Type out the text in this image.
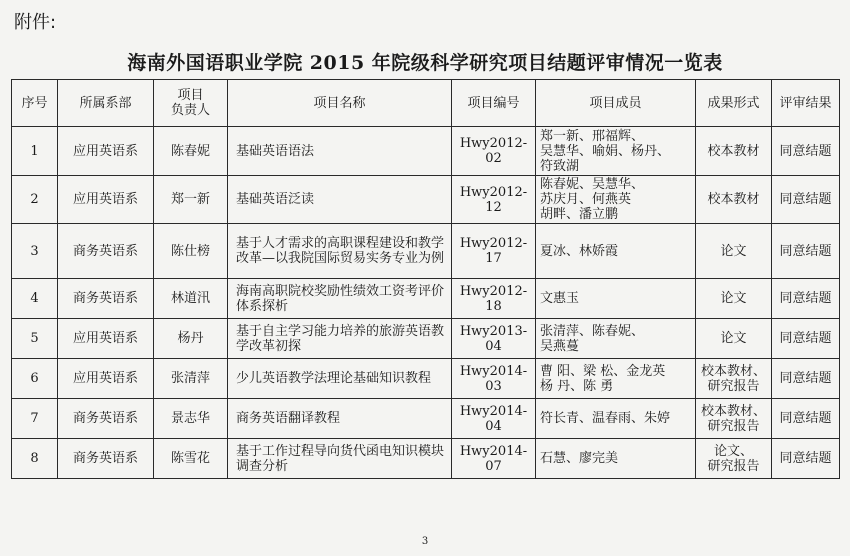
附件:
海南外国语职业学院 2015 年院级科学研究项目结题评审情况一览表
序号	所属系部	项目
负责人	项目名称	项目编号	项目成员	成果形式	评审结果
1	应用英语系	陈春妮	基础英语语法	Hwy2012-02	郑一新、邢福辉、
吴慧华、喻娟、杨丹、
符致湖	校本教材	同意结题
2	应用英语系	郑一新	基础英语泛读	Hwy2012-12	陈春妮、吴慧华、
苏庆月、何燕英
胡畔、潘立鹏	校本教材	同意结题
3	商务英语系	陈仕榜	基于人才需求的高职课程建设和教学改革—以我院国际贸易实务专业为例	Hwy2012-17	夏冰、林娇霞	论文	同意结题
4	商务英语系	林道汛	海南高职院校奖励性绩效工资考评价体系探析	Hwy2012-18	文惠玉	论文	同意结题
5	应用英语系	杨丹	基于自主学习能力培养的旅游英语教学改革初探	Hwy2013-04	张清萍、陈春妮、
吴燕蔓	论文	同意结题
6	应用英语系	张清萍	少儿英语教学法理论基础知识教程	Hwy2014-03	曹 阳、梁 松、金龙英
杨 丹、陈 勇	校本教材、
研究报告	同意结题
7	商务英语系	景志华	商务英语翻译教程	Hwy2014-04	符长青、温春雨、朱婷	校本教材、
研究报告	同意结题
8	商务英语系	陈雪花	基于工作过程导向货代函电知识模块调查分析	Hwy2014-07	石慧、廖完美	论文、
研究报告	同意结题
3
